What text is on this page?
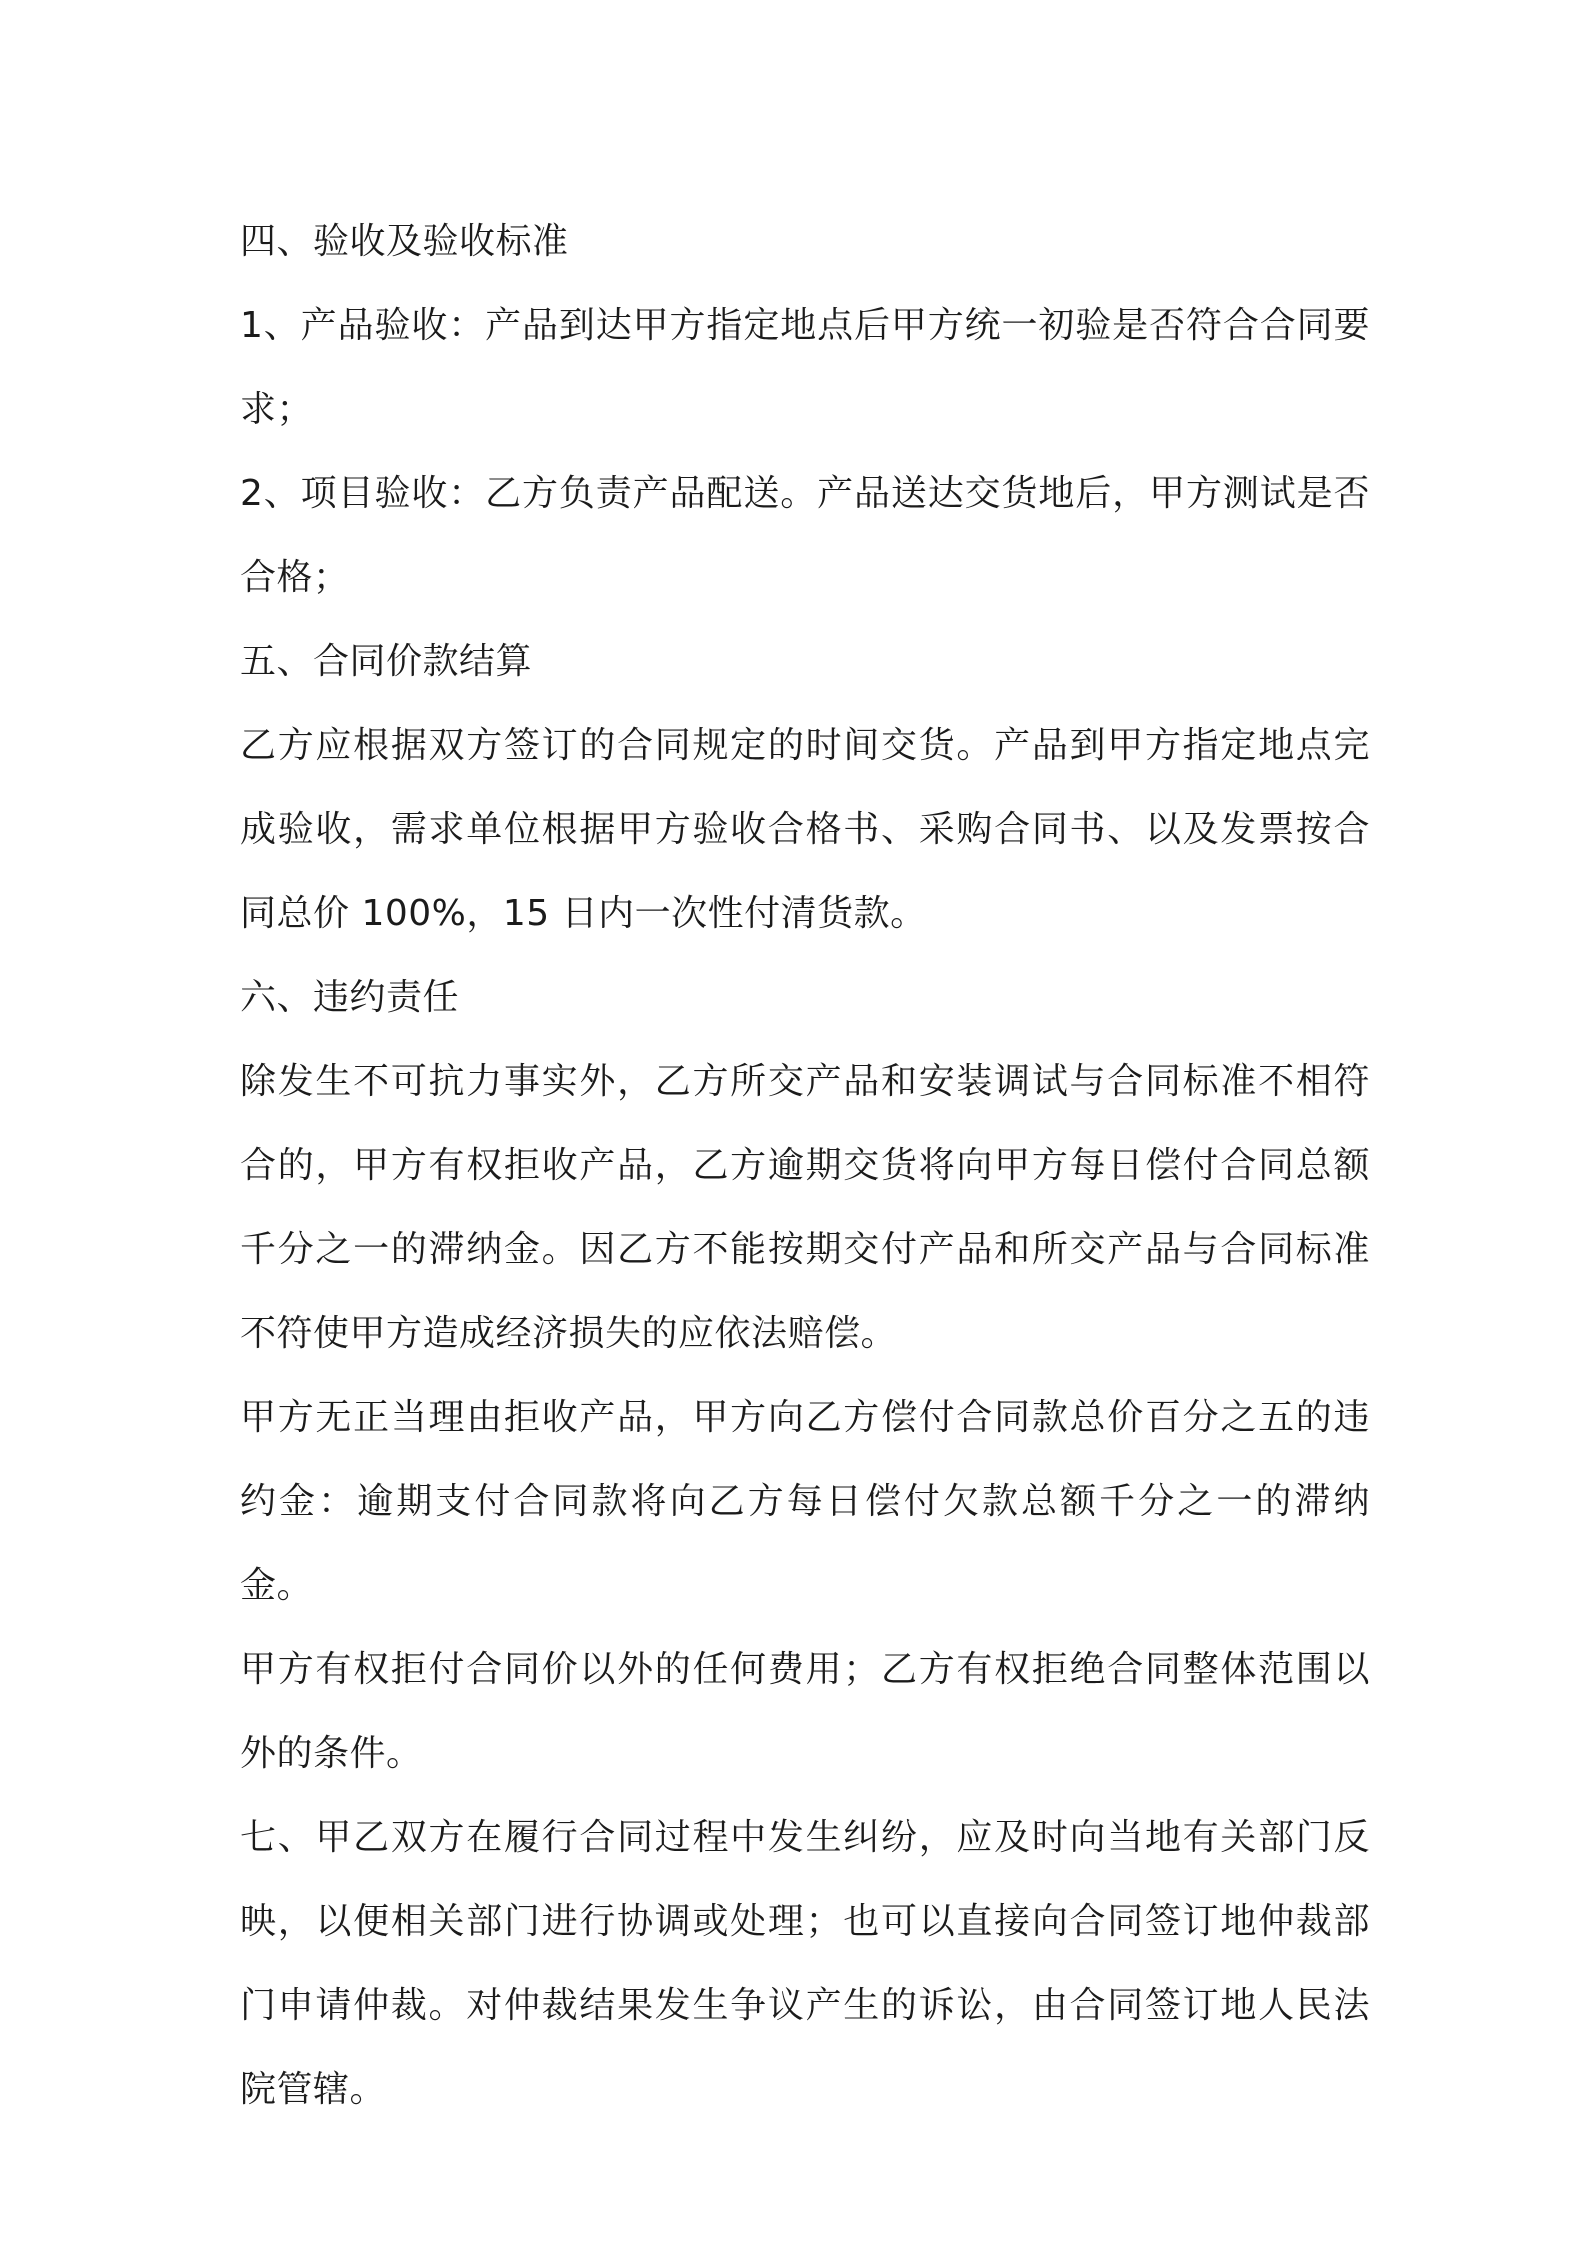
四、验收及验收标准

1、产品验收：产品到达甲方指定地点后甲方统一初验是否符合合同要求；

2、项目验收：乙方负责产品配送。产品送达交货地后，甲方测试是否合格；

五、合同价款结算

乙方应根据双方签订的合同规定的时间交货。产品到甲方指定地点完成验收，需求单位根据甲方验收合格书、采购合同书、以及发票按合同总价 100%，15 日内一次性付清货款。

六、违约责任

除发生不可抗力事实外，乙方所交产品和安装调试与合同标准不相符合的，甲方有权拒收产品，乙方逾期交货将向甲方每日偿付合同总额千分之一的滞纳金。因乙方不能按期交付产品和所交产品与合同标准不符使甲方造成经济损失的应依法赔偿。

甲方无正当理由拒收产品，甲方向乙方偿付合同款总价百分之五的违约金：逾期支付合同款将向乙方每日偿付欠款总额千分之一的滞纳金。

甲方有权拒付合同价以外的任何费用；乙方有权拒绝合同整体范围以外的条件。

七、甲乙双方在履行合同过程中发生纠纷，应及时向当地有关部门反映，以便相关部门进行协调或处理；也可以直接向合同签订地仲裁部门申请仲裁。对仲裁结果发生争议产生的诉讼，由合同签订地人民法院管辖。
